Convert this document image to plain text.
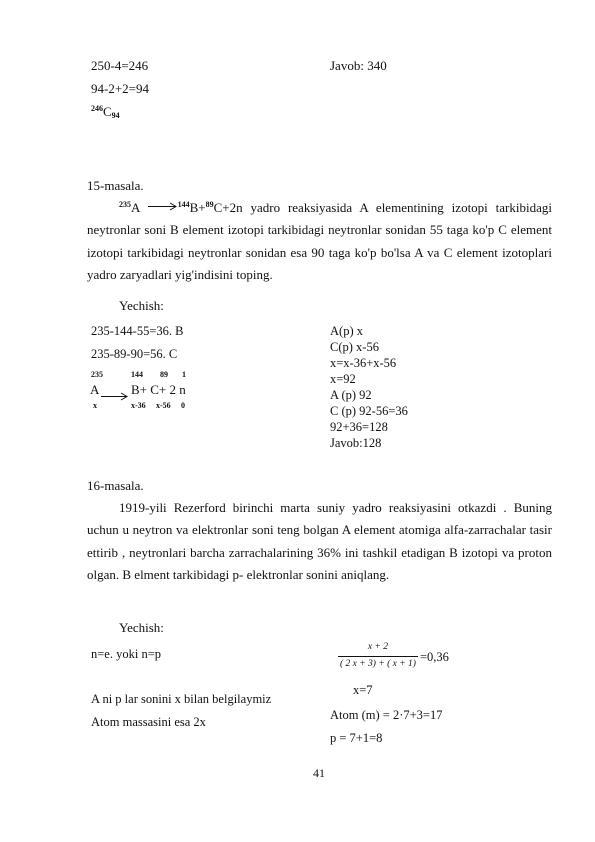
250-4=246
94-2+2=94
$^{246}C_{94}$
Javob: 340
15-masala.
$^{235}$A →$^{144}$B+$^{89}$C+2n yadro reaksiyasida A elementining izotopi tarkibidagi neytronlar soni B element izotopi tarkibidagi neytronlar sonidan 55 taga ko'p C element izotopi tarkibidagi neytronlar sonidan esa 90 taga ko'p bo'lsa A va C element izotoplari yadro zaryadlari yig'indisini toping.
Yechish:
235-144-55=36. B
235-89-90=56. C
235	144 89 1
A B+ C+ 2 n
x	x-36 x-56 0
A(p) x
C(p) x-56
x=x-36+x-56
x=92
A (p) 92
C (p) 92-56=36
92+36=128
Javob:128
16-masala.
1919-yili Rezerford birinchi marta suniy yadro reaksiyasini otkazdi . Buning uchun u neytron va elektronlar soni teng bolgan A element atomiga alfa-zarrachalar tasir ettirib , neytronlari barcha zarrachalarining 36% ini tashkil etadigan B izotopi va proton olgan. B elment tarkibidagi p- elektronlar sonini aniqlang.
Yechish:
n=e. yoki n=p
A ni p lar sonini x bilan belgilaymiz
Atom massasini esa 2x
x + 2
( 2 x + 3) + ( x + 1) =0,36
x=7
Atom (m) = 2·7+3=17
p = 7+1=8
41
